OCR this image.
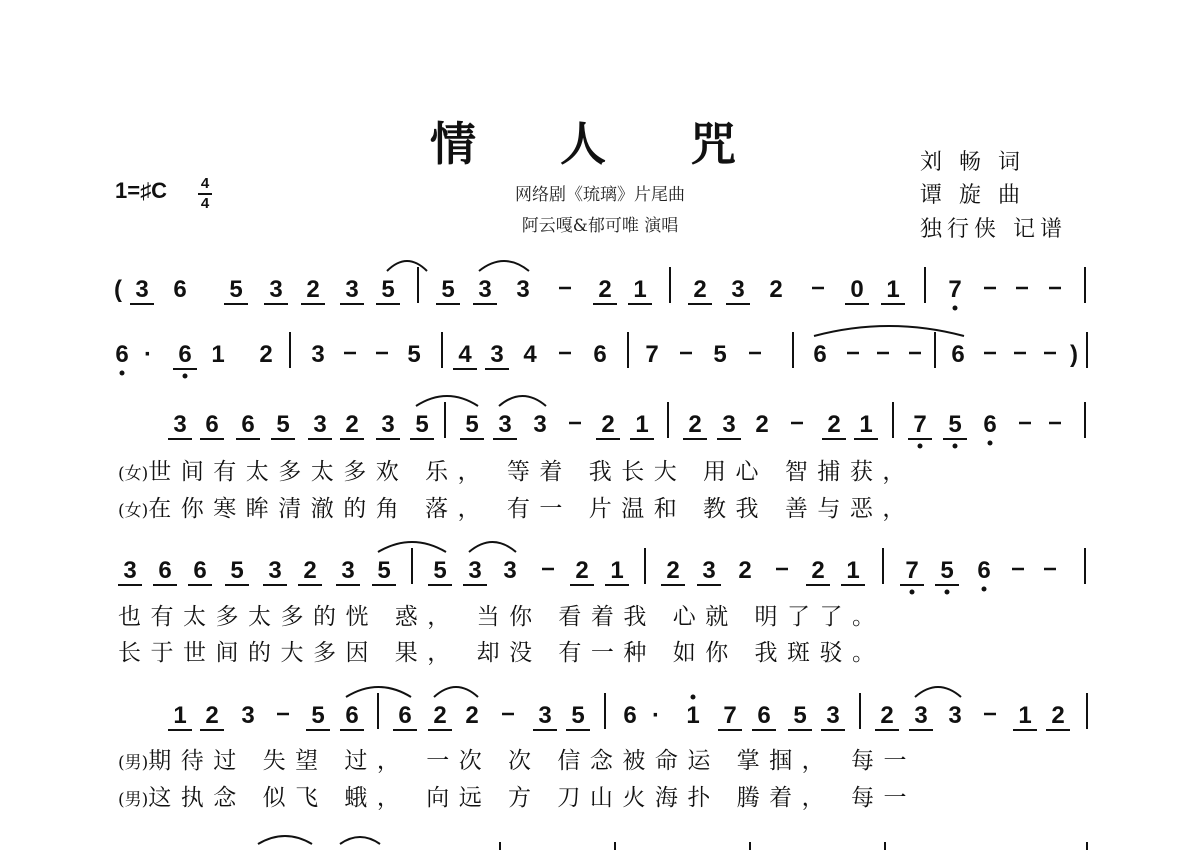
情 人 咒
网络剧《琉璃》片尾曲
阿云嘎&郁可唯 演唱
刘 畅 词
谭 旋 曲
独行侠 记谱
1=♯C 4
4
(女)世间有太多太多欢 乐， 等着 我长大 用心 智捕获，
(女)在你寒眸清澈的角 落， 有一 片温和 教我 善与恶，
也有太多太多的恍 惑， 当你 看着我 心就 明了了。
长于世间的大多因 果， 却没 有一种 如你 我斑驳。
(男)期待过 失望 过， 一次 次 信念被命运 掌掴， 每一
(男)这执念 似飞 蛾， 向远 方 刀山火海扑 腾着， 每一
( 3 6 5 3 2 3 5 5 3 3	2 1 2 3 2	0 1 7
6 · 6 1 2 3	5 4 3 4 6 7 5	6	6	)
3 6 6 5 3 2 3 5 5 3 3 2 1 2 3 2 2 1 7 5 6
3 6 6 5 3 2 3 5 5 3 3 2 1 2 3 2 2 1 7 5 6
1 2 3 5 6 6 2 2 3 5 6 · 1 7 6 5 3 2 3 3 1 2
